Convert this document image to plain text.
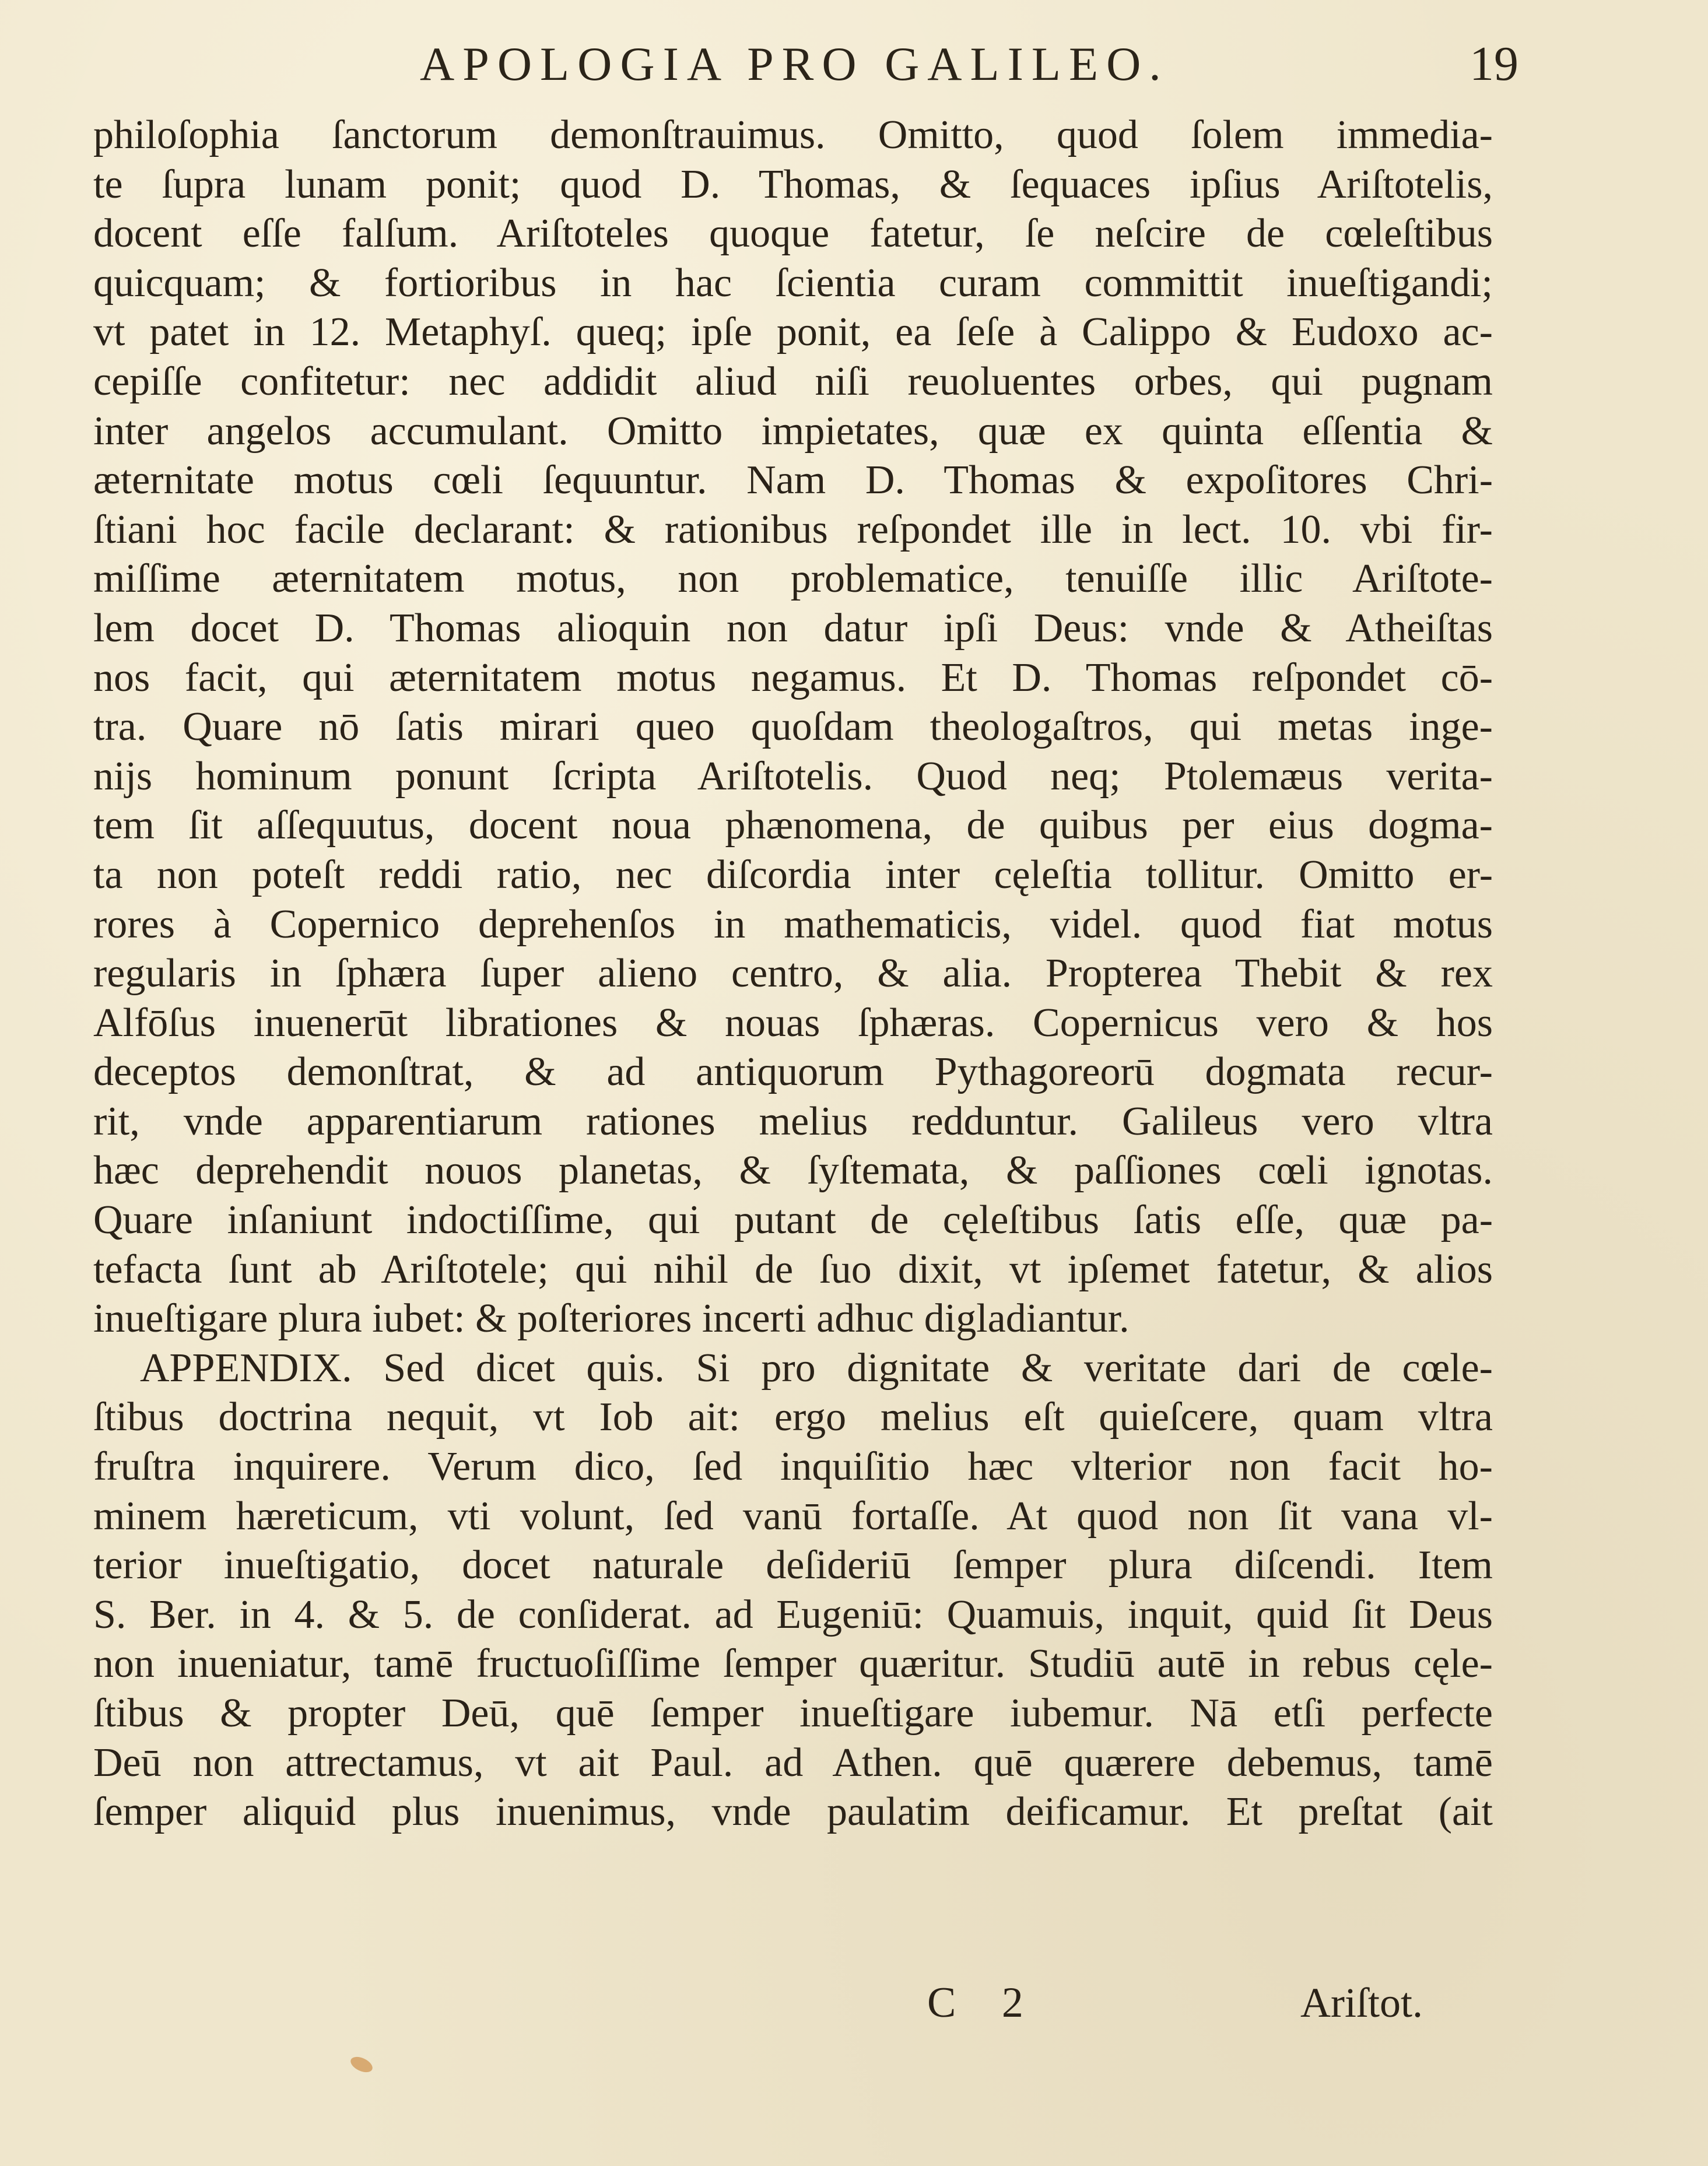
APOLOGIA PRO GALILEO.	19
philoſophia ſanctorum demonſtrauimus. Omitto, quod ſolem immedia-
te ſupra lunam ponit; quod D. Thomas, & ſequaces ipſius Ariſtotelis,
docent eſſe falſum. Ariſtoteles quoque fatetur, ſe neſcire de cœleſtibus
quicquam; & fortioribus in hac ſcientia curam committit inueſtigandi;
vt patet in 12. Metaphyſ. queq; ipſe ponit, ea ſeſe à Calippo & Eudoxo ac-
cepiſſe confitetur: nec addidit aliud niſi reuoluentes orbes, qui pugnam
inter angelos accumulant. Omitto impietates, quæ ex quinta eſſentia &
æternitate motus cœli ſequuntur. Nam D. Thomas & expoſitores Chri-
ſtiani hoc facile declarant: & rationibus reſpondet ille in lect. 10. vbi fir-
miſſime æternitatem motus, non problematice, tenuiſſe illic Ariſtote-
lem docet D. Thomas alioquin non datur ipſi Deus: vnde & Atheiſtas
nos facit, qui æternitatem motus negamus. Et D. Thomas reſpondet cō-
tra. Quare nō ſatis mirari queo quoſdam theologaſtros, qui metas inge-
nijs hominum ponunt ſcripta Ariſtotelis. Quod neq; Ptolemæus verita-
tem ſit aſſequutus, docent noua phænomena, de quibus per eius dogma-
ta non poteſt reddi ratio, nec diſcordia inter cęleſtia tollitur. Omitto er-
rores à Copernico deprehenſos in mathematicis, videl. quod fiat motus
regularis in ſphæra ſuper alieno centro, & alia. Propterea Thebit & rex
Alfōſus inuenerūt librationes & nouas ſphæras. Copernicus vero & hos
deceptos demonſtrat, & ad antiquorum Pythagoreorū dogmata recur-
rit, vnde apparentiarum rationes melius redduntur. Galileus vero vltra
hæc deprehendit nouos planetas, & ſyſtemata, & paſſiones cœli ignotas.
Quare inſaniunt indoctiſſime, qui putant de cęleſtibus ſatis eſſe, quæ pa-
tefacta ſunt ab Ariſtotele; qui nihil de ſuo dixit, vt ipſemet fatetur, & alios
inueſtigare plura iubet: & poſteriores incerti adhuc digladiantur.
APPENDIX. Sed dicet quis. Si pro dignitate & veritate dari de cœle-
ſtibus doctrina nequit, vt Iob ait: ergo melius eſt quieſcere, quam vltra
fruſtra inquirere. Verum dico, ſed inquiſitio hæc vlterior non facit ho-
minem hæreticum, vti volunt, ſed vanū fortaſſe. At quod non ſit vana vl-
terior inueſtigatio, docet naturale deſideriū ſemper plura diſcendi. Item
S. Ber. in 4. & 5. de conſiderat. ad Eugeniū: Quamuis, inquit, quid ſit Deus
non inueniatur, tamē fructuoſiſſime ſemper quæritur. Studiū autē in rebus cęle-
ſtibus & propter Deū, quē ſemper inueſtigare iubemur. Nā etſi perfecte
Deū non attrectamus, vt ait Paul. ad Athen. quē quærere debemus, tamē
ſemper aliquid plus inuenimus, vnde paulatim deificamur. Et preſtat (ait
C 2	Ariſtot.
